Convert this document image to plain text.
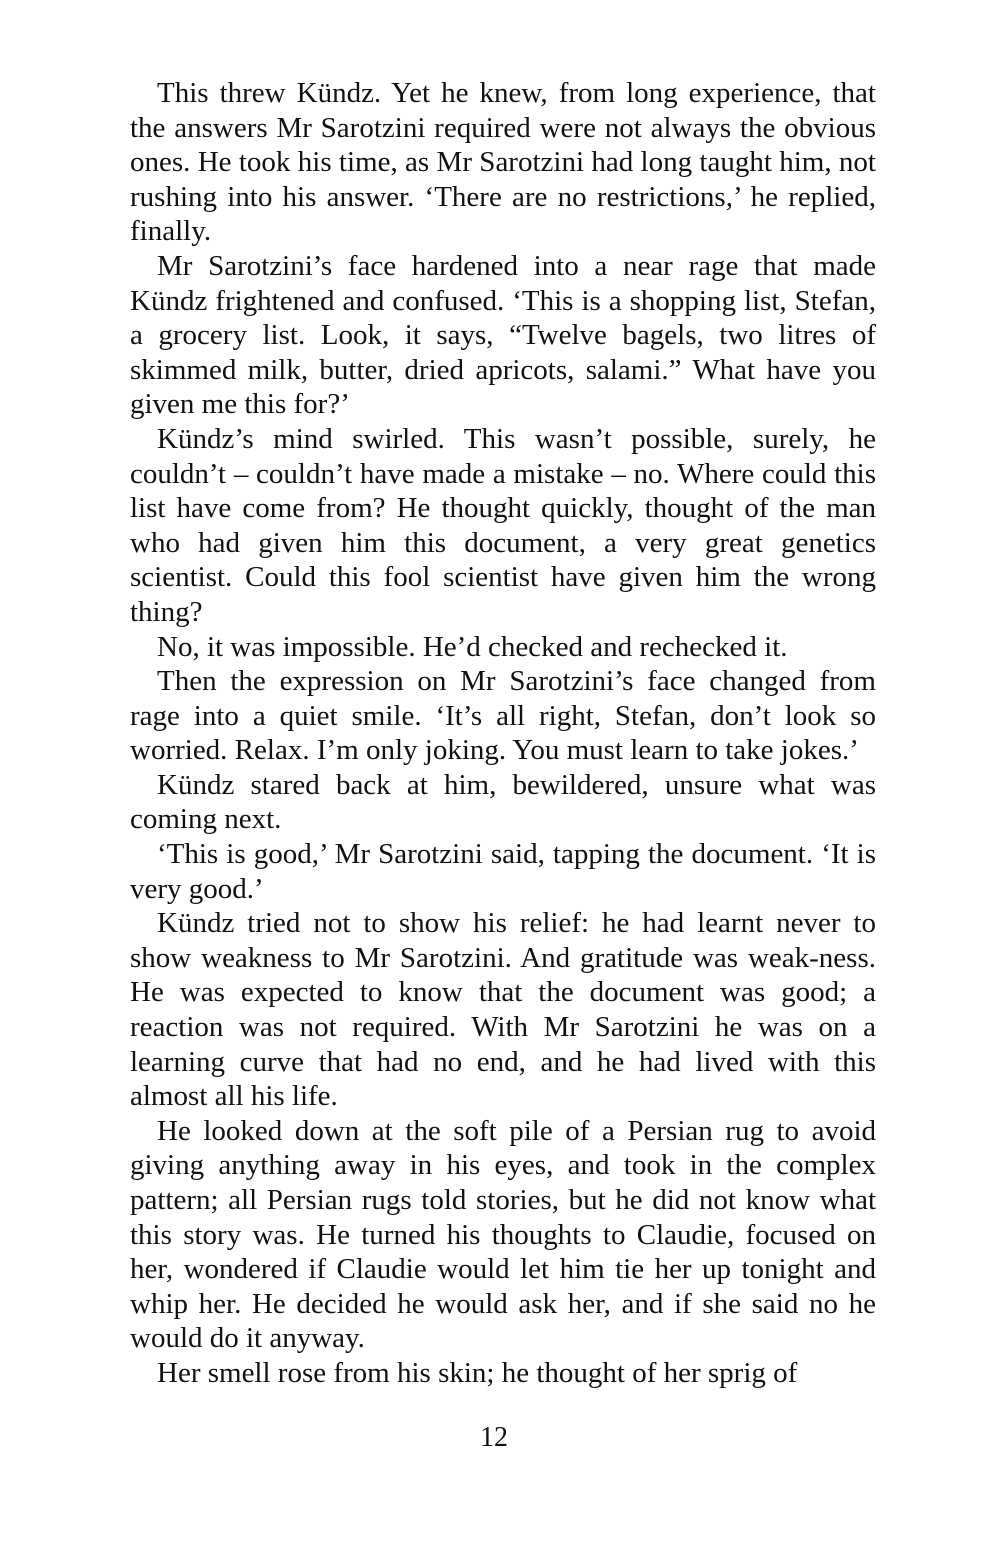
This threw Kündz. Yet he knew, from long experience, that the answers Mr Sarotzini required were not always the obvious ones. He took his time, as Mr Sarotzini had long taught him, not rushing into his answer. ‘There are no restrictions,’ he replied, finally.

Mr Sarotzini’s face hardened into a near rage that made Kündz frightened and confused. ‘This is a shopping list, Stefan, a grocery list. Look, it says, “Twelve bagels, two litres of skimmed milk, butter, dried apricots, salami.” What have you given me this for?’

Kündz’s mind swirled. This wasn’t possible, surely, he couldn’t – couldn’t have made a mistake – no. Where could this list have come from? He thought quickly, thought of the man who had given him this document, a very great genetics scientist. Could this fool scientist have given him the wrong thing?

No, it was impossible. He’d checked and rechecked it.

Then the expression on Mr Sarotzini’s face changed from rage into a quiet smile. ‘It’s all right, Stefan, don’t look so worried. Relax. I’m only joking. You must learn to take jokes.’

Kündz stared back at him, bewildered, unsure what was coming next.

‘This is good,’ Mr Sarotzini said, tapping the document. ‘It is very good.’

Kündz tried not to show his relief: he had learnt never to show weakness to Mr Sarotzini. And gratitude was weak-ness. He was expected to know that the document was good; a reaction was not required. With Mr Sarotzini he was on a learning curve that had no end, and he had lived with this almost all his life.

He looked down at the soft pile of a Persian rug to avoid giving anything away in his eyes, and took in the complex pattern; all Persian rugs told stories, but he did not know what this story was. He turned his thoughts to Claudie, focused on her, wondered if Claudie would let him tie her up tonight and whip her. He decided he would ask her, and if she said no he would do it anyway.

Her smell rose from his skin; he thought of her sprig of

12
